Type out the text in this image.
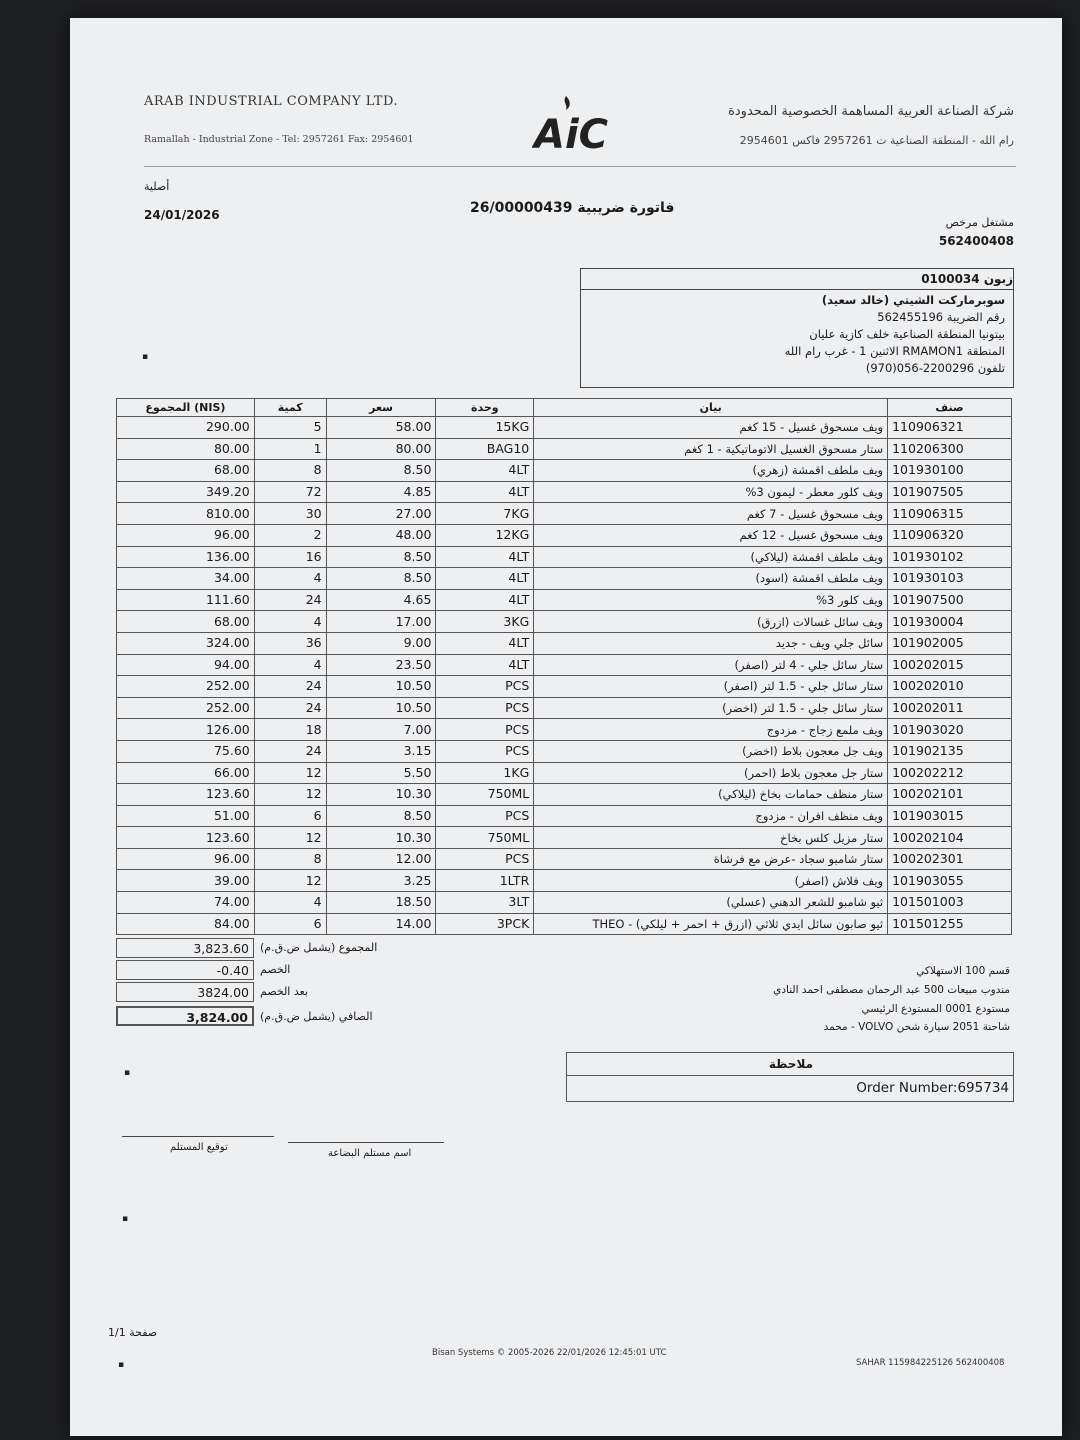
ARAB INDUSTRIAL COMPANY LTD.
Ramallah - Industrial Zone - Tel: 2957261 Fax: 2954601
شركة الصناعة العربية المساهمة الخصوصية المحدودة
رام الله - المنطقة الصناعية ت 2957261 فاكس 2954601
AiC
أصلية
24/01/2026	فاتورة ضريبية 26/00000439
مشتغل مرخص
562400408
زبون 0100034
سوبرماركت الشيتي (خالد سعيد)
رقم الضريبة 562455196
بيتونيا المنطقة الصناعية خلف كازية عليان
المنطقة RMAMON1 الاثنين 1 - غرب رام الله
تلفون 2200296-056(970)
المجموع (NIS)	كمية	سعر	وحدة	بيان	صنف
290.00	5	58.00	15KG	ويف مسحوق غسيل - 15 كغم	110906321
80.00	1	80.00	BAG10	ستار مسحوق الغسيل الاتوماتيكية - 1 كغم	110206300
68.00	8	8.50	4LT	ويف ملطف اقمشة (زهري)	101930100
349.20	72	4.85	4LT	ويف كلور معطر - ليمون 3%	101907505
810.00	30	27.00	7KG	ويف مسحوق غسيل - 7 كغم	110906315
96.00	2	48.00	12KG	ويف مسحوق غسيل - 12 كغم	110906320
136.00	16	8.50	4LT	ويف ملطف اقمشة (ليلاكي)	101930102
34.00	4	8.50	4LT	ويف ملطف اقمشة (اسود)	101930103
111.60	24	4.65	4LT	ويف كلور 3%	101907500
68.00	4	17.00	3KG	ويف سائل غسالات (ازرق)	101930004
324.00	36	9.00	4LT	سائل جلي ويف - جديد	101902005
94.00	4	23.50	4LT	ستار سائل جلي - 4 لتر (اصفر)	100202015
252.00	24	10.50	PCS	ستار سائل جلي - 1.5 لتر (اصفر)	100202010
252.00	24	10.50	PCS	ستار سائل جلي - 1.5 لتر (اخضر)	100202011
126.00	18	7.00	PCS	ويف ملمع زجاج - مزدوج	101903020
75.60	24	3.15	PCS	ويف جل معجون بلاط (اخضر)	101902135
66.00	12	5.50	1KG	ستار جل معجون بلاط (احمر)	100202212
123.60	12	10.30	750ML	ستار منظف حمامات بخاخ (ليلاكي)	100202101
51.00	6	8.50	PCS	ويف منظف افران - مزدوج	101903015
123.60	12	10.30	750ML	ستار مزيل كلس بخاخ	100202104
96.00	8	12.00	PCS	ستار شامبو سجاد -عرض مع فرشاة	100202301
39.00	12	3.25	1LTR	ويف فلاش (اصفر)	101903055
74.00	4	18.50	3LT	ثيو شامبو للشعر الدهني (عسلي)	101501003
84.00	6	14.00	3PCK	ثيو صابون سائل ايدي ثلاثي (ازرق + احمر + ليلكي) - THEO	101501255
3,823.60	المجموع (يشمل ض.ق.م)
-0.40	الخصم
3824.00	بعد الخصم
3,824.00	الصافي (يشمل ض.ق.م)
قسم 100 الاستهلاكي
مندوب مبيعات 500 عبد الرحمان مصطفى احمد النادي
مستودع 0001 المستودع الرئيسي
شاحنة 2051 سيارة شحن VOLVO - محمد
ملاحظة
Order Number:695734
توقيع المستلم
اسم مستلم البضاعة
▪
▪
▪
▪
1/1 صفحة
Bisan Systems © 2005-2026 22/01/2026 12:45:01 UTC
SAHAR 115984225126 562400408
